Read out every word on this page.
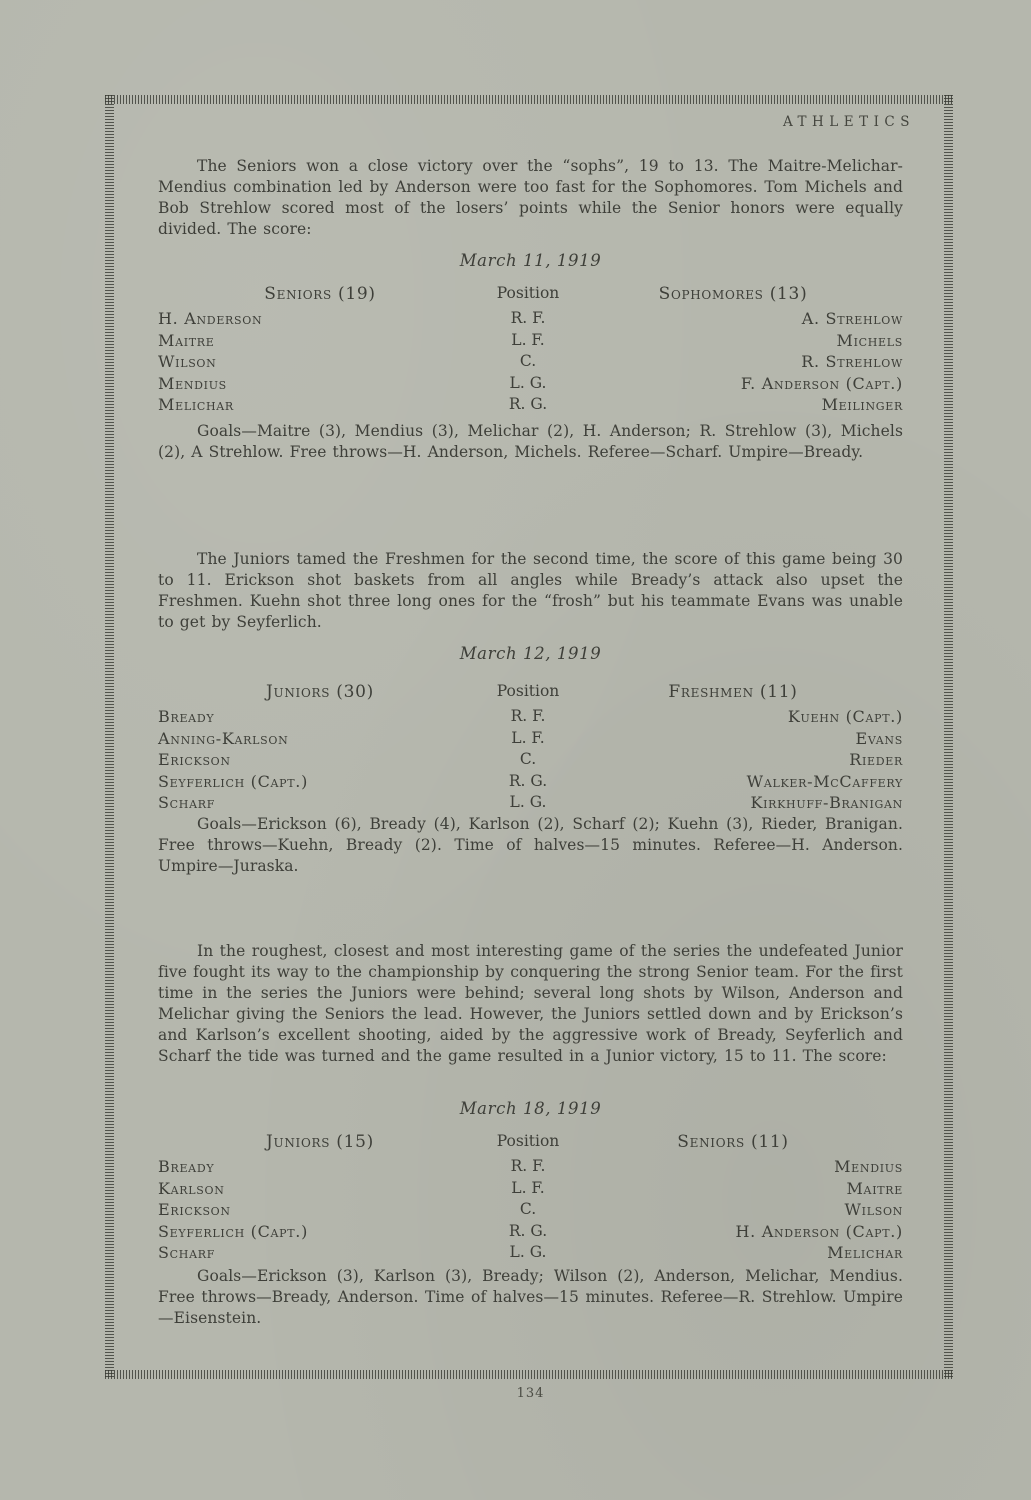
ATHLETICS

The Seniors won a close victory over the “sophs”, 19 to 13. The Maitre-Melichar-Mendius combination led by Anderson were too fast for the Sophomores. Tom Michels and Bob Strehlow scored most of the losers’ points while the Senior honors were equally divided. The score:

March 11, 1919
Seniors (19)	Position	Sophomores (13)
H. Anderson	R. F.	A. Strehlow
Maitre	L. F.	Michels
Wilson	C.	R. Strehlow
Mendius	L. G.	F. Anderson (Capt.)
Melichar	R. G.	Meilinger

Goals—Maitre (3), Mendius (3), Melichar (2), H. Anderson; R. Strehlow (3), Michels (2), A Strehlow. Free throws—H. Anderson, Michels. Referee—Scharf. Umpire—Bready.

The Juniors tamed the Freshmen for the second time, the score of this game being 30 to 11. Erickson shot baskets from all angles while Bready’s attack also upset the Freshmen. Kuehn shot three long ones for the “frosh” but his teammate Evans was unable to get by Seyferlich.

March 12, 1919
Juniors (30)	Position	Freshmen (11)
Bready	R. F.	Kuehn (Capt.)
Anning-Karlson	L. F.	Evans
Erickson	C.	Rieder
Seyferlich (Capt.)	R. G.	Walker-McCaffery
Scharf	L. G.	Kirkhuff-Branigan

Goals—Erickson (6), Bready (4), Karlson (2), Scharf (2); Kuehn (3), Rieder, Branigan. Free throws—Kuehn, Bready (2). Time of halves—15 minutes. Referee—H. Anderson. Umpire—Juraska.

In the roughest, closest and most interesting game of the series the undefeated Junior five fought its way to the championship by conquering the strong Senior team. For the first time in the series the Juniors were behind; several long shots by Wilson, Anderson and Melichar giving the Seniors the lead. However, the Juniors settled down and by Erickson’s and Karlson’s excellent shooting, aided by the aggressive work of Bready, Seyferlich and Scharf the tide was turned and the game resulted in a Junior victory, 15 to 11. The score:

March 18, 1919
Juniors (15)	Position	Seniors (11)
Bready	R. F.	Mendius
Karlson	L. F.	Maitre
Erickson	C.	Wilson
Seyferlich (Capt.)	R. G.	H. Anderson (Capt.)
Scharf	L. G.	Melichar

Goals—Erickson (3), Karlson (3), Bready; Wilson (2), Anderson, Melichar, Mendius. Free throws—Bready, Anderson. Time of halves—15 minutes. Referee—R. Strehlow. Umpire—Eisenstein.

134
